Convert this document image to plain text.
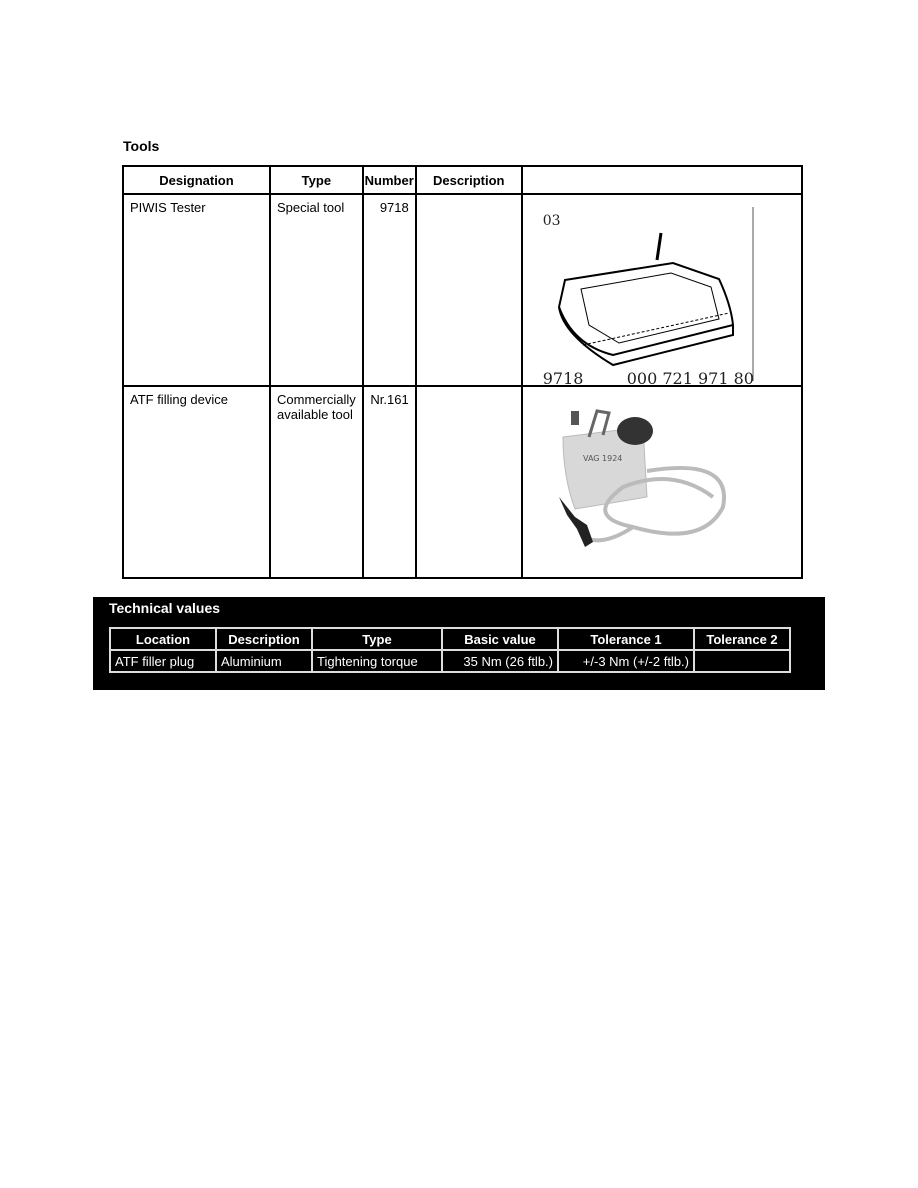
Tools
Designation	Type	Number	Description	
PIWIS Tester	Special tool	9718		03
9718 000 721 971 80

ATF filling device	Commercially available tool	Nr.161		VAG 1924
Technical values
Location	Description	Type	Basic value	Tolerance 1	Tolerance 2
ATF filler plug	Aluminium	Tightening torque	35 Nm (26 ftlb.)	+/-3 Nm (+/-2 ftlb.)	
